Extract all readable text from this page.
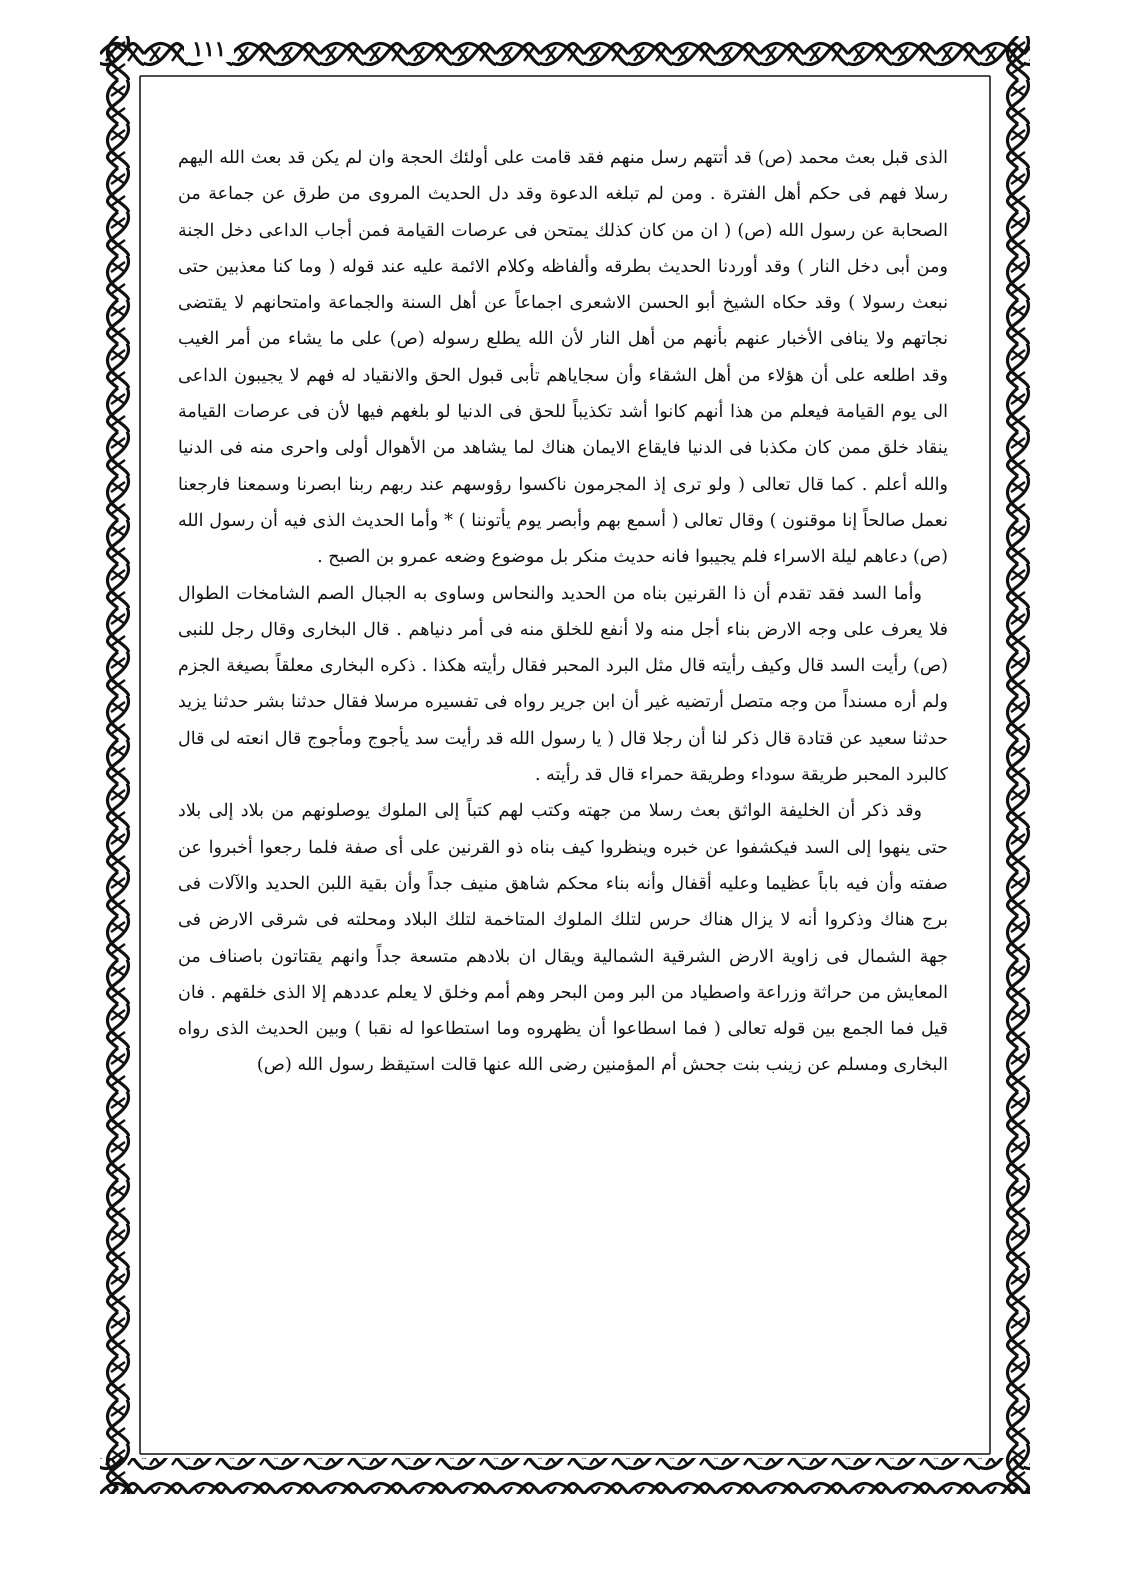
١١١

الذى قبل بعث محمد (ص) قد أتتهم رسل منهم فقد قامت على أولئك الحجة وان لم يكن قد بعث الله اليهم رسلا فهم فى حكم أهل الفترة . ومن لم تبلغه الدعوة وقد دل الحديث المروى من طرق عن جماعة من الصحابة عن رسول الله (ص) ( ان من كان كذلك يمتحن فى عرصات القيامة فمن أجاب الداعى دخل الجنة ومن أبى دخل النار ) وقد أوردنا الحديث بطرقه وألفاظه وكلام الائمة عليه عند قوله ( وما كنا معذبين حتى نبعث رسولا ) وقد حكاه الشيخ أبو الحسن الاشعرى اجماعاً عن أهل السنة والجماعة وامتحانهم لا يقتضى نجاتهم ولا ينافى الأخبار عنهم بأنهم من أهل النار لأن الله يطلع رسوله (ص) على ما يشاء من أمر الغيب وقد اطلعه على أن هؤلاء من أهل الشقاء وأن سجاياهم تأبى قبول الحق والانقياد له فهم لا يجيبون الداعى الى يوم القيامة فيعلم من هذا أنهم كانوا أشد تكذيباً للحق فى الدنيا لو بلغهم فيها لأن فى عرصات القيامة ينقاد خلق ممن كان مكذبا فى الدنيا فايقاع الايمان هناك لما يشاهد من الأهوال أولى واحرى منه فى الدنيا والله أعلم . كما قال تعالى ( ولو ترى إذ المجرمون ناكسوا رؤوسهم عند ربهم ربنا ابصرنا وسمعنا فارجعنا نعمل صالحاً إنا موقنون ) وقال تعالى ( أسمع بهم وأبصر يوم يأتوننا ) * وأما الحديث الذى فيه أن رسول الله (ص) دعاهم ليلة الاسراء فلم يجيبوا فانه حديث منكر بل موضوع وضعه عمرو بن الصبح .

وأما السد فقد تقدم أن ذا القرنين بناه من الحديد والنحاس وساوى به الجبال الصم الشامخات الطوال فلا يعرف على وجه الارض بناء أجل منه ولا أنفع للخلق منه فى أمر دنياهم . قال البخارى وقال رجل للنبى (ص) رأيت السد قال وكيف رأيته قال مثل البرد المحبر فقال رأيته هكذا . ذكره البخارى معلقاً بصيغة الجزم ولم أره مسنداً من وجه متصل أرتضيه غير أن ابن جرير رواه فى تفسيره مرسلا فقال حدثنا بشر حدثنا يزيد حدثنا سعيد عن قتادة قال ذكر لنا أن رجلا قال ( يا رسول الله قد رأيت سد يأجوج ومأجوج قال انعته لى قال كالبرد المحبر طريقة سوداء وطريقة حمراء قال قد رأيته .

وقد ذكر أن الخليفة الواثق بعث رسلا من جهته وكتب لهم كتباً إلى الملوك يوصلونهم من بلاد إلى بلاد حتى ينهوا إلى السد فيكشفوا عن خبره وينظروا كيف بناه ذو القرنين على أى صفة فلما رجعوا أخبروا عن صفته وأن فيه باباً عظيما وعليه أقفال وأنه بناء محكم شاهق منيف جداً وأن بقية اللبن الحديد والآلات فى برج هناك وذكروا أنه لا يزال هناك حرس لتلك الملوك المتاخمة لتلك البلاد ومحلته فى شرقى الارض فى جهة الشمال فى زاوية الارض الشرقية الشمالية ويقال ان بلادهم متسعة جداً وانهم يقتاتون باصناف من المعايش من حراثة وزراعة واصطياد من البر ومن البحر وهم أمم وخلق لا يعلم عددهم إلا الذى خلقهم . فان قيل فما الجمع بين قوله تعالى ( فما اسطاعوا أن يظهروه وما استطاعوا له نقبا ) وبين الحديث الذى رواه البخارى ومسلم عن زينب بنت جحش أم المؤمنين رضى الله عنها قالت استيقظ رسول الله (ص)
